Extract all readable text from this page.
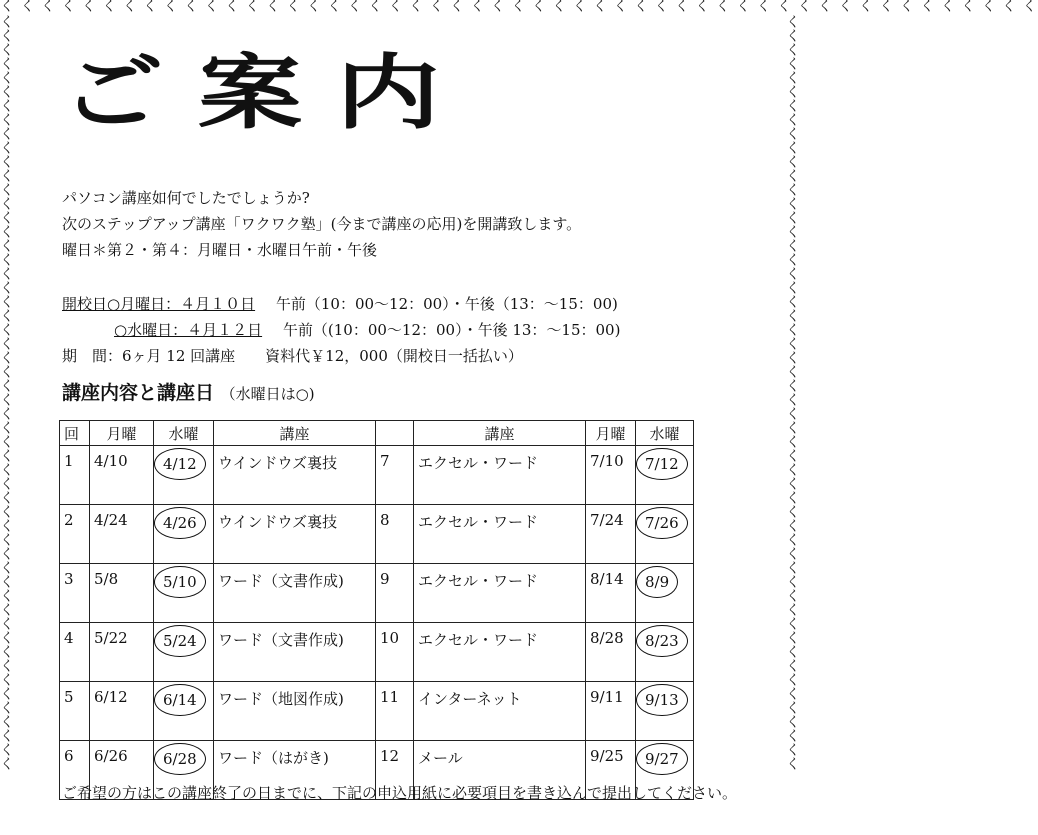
く く く く く く く く く く く く く く く く く く く く く く く く く く く く く く く く く く く く く く く く く く く く く く く く く く く
くくくくくくくくくくくくくくくくくくくくくくくくくくくくくくくくくくくくくくくくくくくくくくくくくくくくくく
くくくくくくくくくくくくくくくくくくくくくくくくくくくくくくくくくくくくくくくくくくくくくくくくくくくくくく
ご案内
パソコン講座如何でしたでしょうか?
次のステップアップ講座「ワクワク塾」(今まで講座の応用)を開講致します。
曜日＊第２・第４：月曜日・水曜日午前・午後
開校日○月曜日：４月１０日 午前（10：00〜12：00）・午後（13：〜15：00)
○水曜日：４月１２日 午前（(10：00〜12：00）・午後 13：〜15：00)
期　間：6ヶ月 12 回講座　　資料代￥12，000（開校日一括払い）
講座内容と講座日 （水曜日は○)
回	月曜	水曜	講座		講座	月曜	水曜
1	4/10	4/12	ウインドウズ裏技	7	エクセル・ワード	7/10	7/12
2	4/24	4/26	ウインドウズ裏技	8	エクセル・ワード	7/24	7/26
3	5/8	5/10	ワード（文書作成)	9	エクセル・ワード	8/14	8/9
4	5/22	5/24	ワード（文書作成)	10	エクセル・ワード	8/28	8/23
5	6/12	6/14	ワード（地図作成)	11	インターネット	9/11	9/13
6	6/26	6/28	ワード（はがき)	12	メール	9/25	9/27
ご希望の方はこの講座終了の日までに、下記の申込用紙に必要項目を書き込んで提出してください。
